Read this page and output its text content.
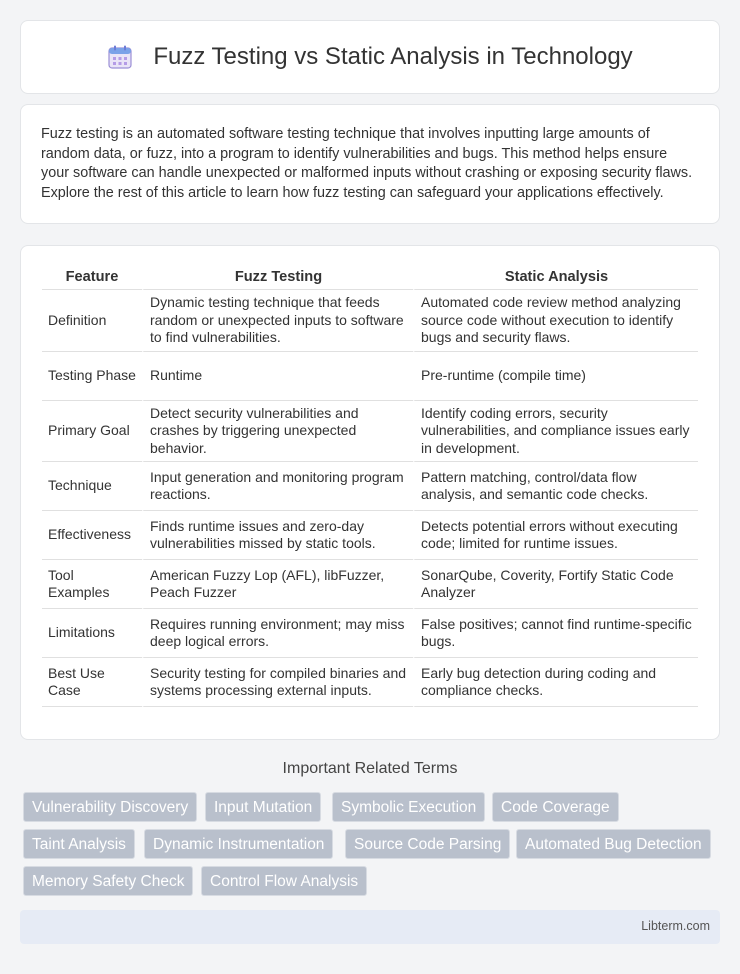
Fuzz Testing vs Static Analysis in Technology

Fuzz testing is an automated software testing technique that involves inputting large amounts of random data, or fuzz, into a program to identify vulnerabilities and bugs. This method helps ensure your software can handle unexpected or malformed inputs without crashing or exposing security flaws. Explore the rest of this article to learn how fuzz testing can safeguard your applications effectively.

Feature	Fuzz Testing	Static Analysis
Definition	Dynamic testing technique that feeds random or unexpected inputs to software to find vulnerabilities.	Automated code review method analyzing source code without execution to identify bugs and security flaws.
Testing Phase	Runtime	Pre-runtime (compile time)
Primary Goal	Detect security vulnerabilities and crashes by triggering unexpected behavior.	Identify coding errors, security vulnerabilities, and compliance issues early in development.
Technique	Input generation and monitoring program reactions.	Pattern matching, control/data flow analysis, and semantic code checks.
Effectiveness	Finds runtime issues and zero-day vulnerabilities missed by static tools.	Detects potential errors without executing code; limited for runtime issues.
Tool Examples	American Fuzzy Lop (AFL), libFuzzer, Peach Fuzzer	SonarQube, Coverity, Fortify Static Code Analyzer
Limitations	Requires running environment; may miss deep logical errors.	False positives; cannot find runtime-specific bugs.
Best Use Case	Security testing for compiled binaries and systems processing external inputs.	Early bug detection during coding and compliance checks.
Important Related Terms
Vulnerability Discovery	Input Mutation	Symbolic Execution	Code Coverage
Taint Analysis	Dynamic Instrumentation	Source Code Parsing	Automated Bug Detection
Memory Safety Check	Control Flow Analysis
Libterm.com
